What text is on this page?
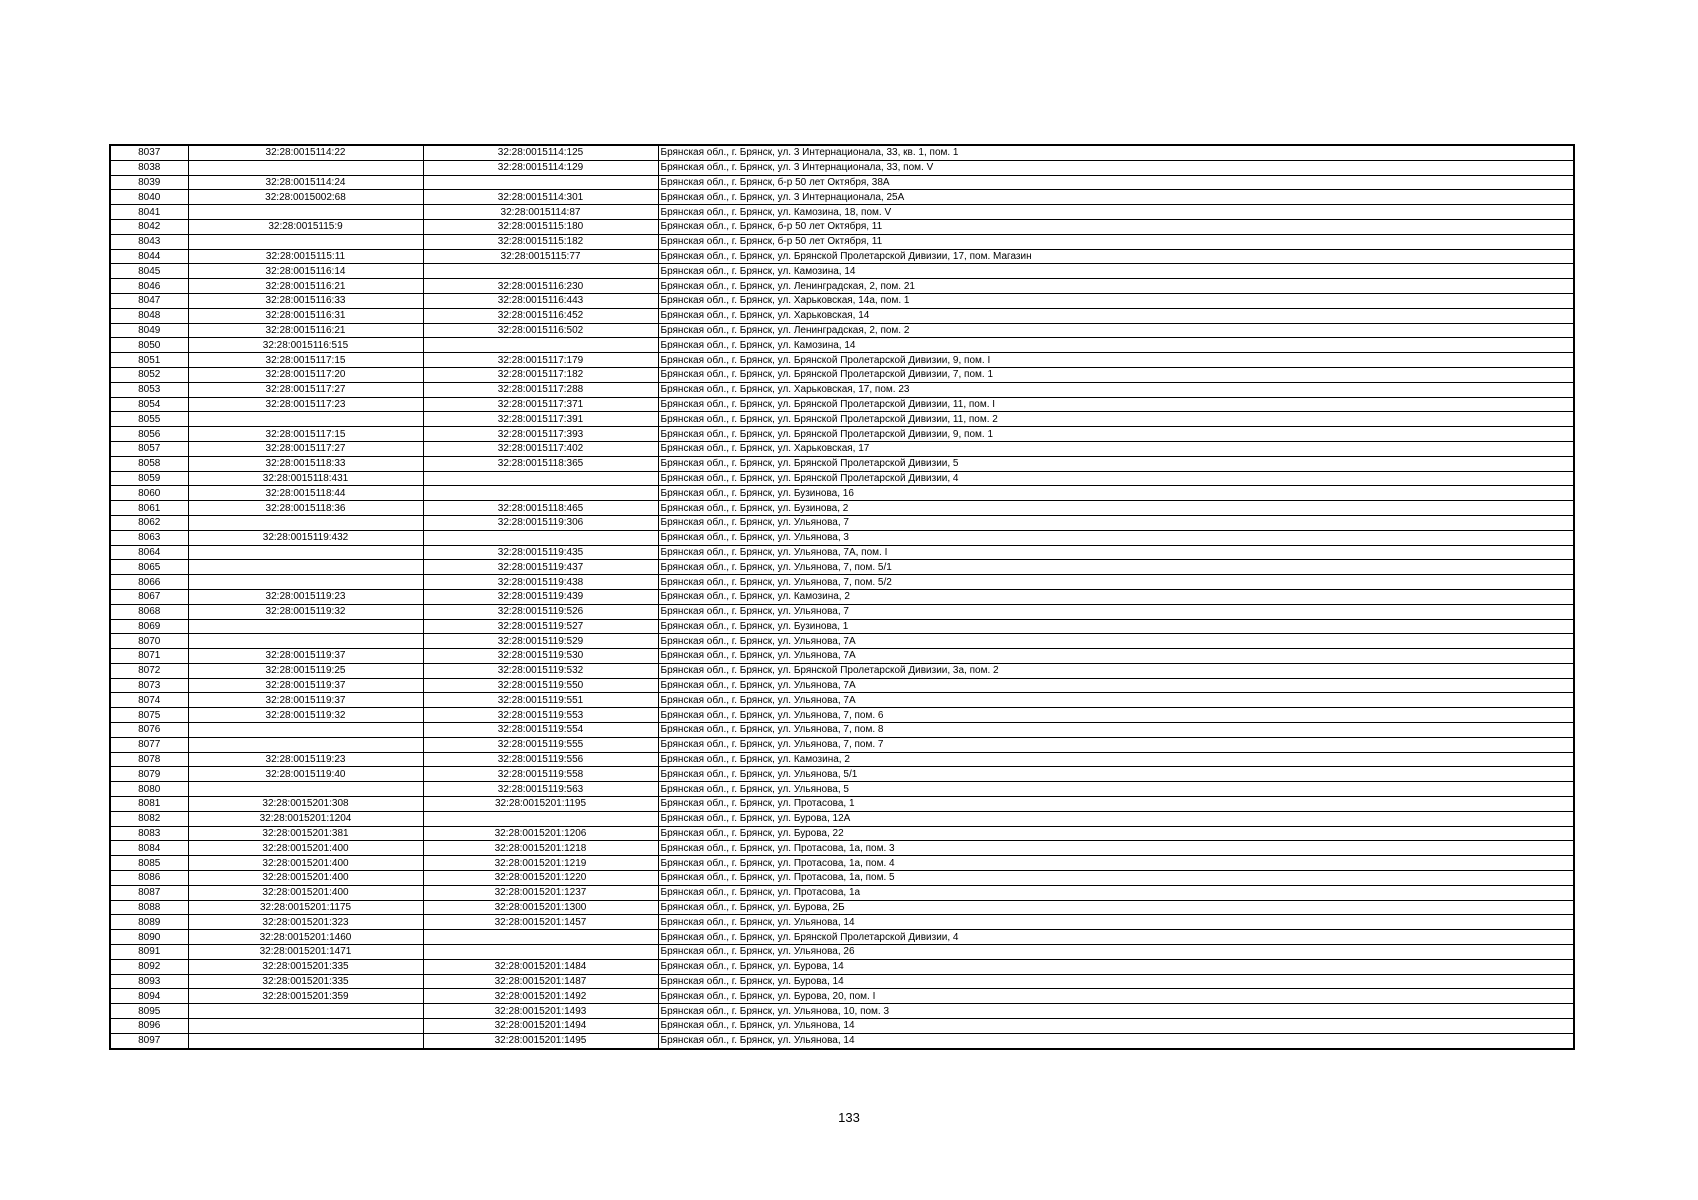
8037	32:28:0015114:22	32:28:0015114:125	Брянская обл., г. Брянск, ул. 3 Интернационала, 33, кв. 1, пом. 1
8038		32:28:0015114:129	Брянская обл., г. Брянск, ул. 3 Интернационала, 33, пом. V
8039	32:28:0015114:24		Брянская обл., г. Брянск, б-р 50 лет Октября, 38А
8040	32:28:0015002:68	32:28:0015114:301	Брянская обл., г. Брянск, ул. 3 Интернационала, 25А
8041		32:28:0015114:87	Брянская обл., г. Брянск, ул. Камозина, 18, пом. V
8042	32:28:0015115:9	32:28:0015115:180	Брянская обл., г. Брянск, б-р 50 лет Октября, 11
8043		32:28:0015115:182	Брянская обл., г. Брянск, б-р 50 лет Октября, 11
8044	32:28:0015115:11	32:28:0015115:77	Брянская обл., г. Брянск, ул. Брянской Пролетарской Дивизии, 17, пом. Магазин
8045	32:28:0015116:14		Брянская обл., г. Брянск, ул. Камозина, 14
8046	32:28:0015116:21	32:28:0015116:230	Брянская обл., г. Брянск, ул. Ленинградская, 2, пом. 21
8047	32:28:0015116:33	32:28:0015116:443	Брянская обл., г. Брянск, ул. Харьковская, 14а, пом. 1
8048	32:28:0015116:31	32:28:0015116:452	Брянская обл., г. Брянск, ул. Харьковская, 14
8049	32:28:0015116:21	32:28:0015116:502	Брянская обл., г. Брянск, ул. Ленинградская, 2, пом. 2
8050	32:28:0015116:515		Брянская обл., г. Брянск, ул. Камозина, 14
8051	32:28:0015117:15	32:28:0015117:179	Брянская обл., г. Брянск, ул. Брянской Пролетарской Дивизии, 9, пом. I
8052	32:28:0015117:20	32:28:0015117:182	Брянская обл., г. Брянск, ул. Брянской Пролетарской Дивизии, 7, пом. 1
8053	32:28:0015117:27	32:28:0015117:288	Брянская обл., г. Брянск, ул. Харьковская, 17, пом. 23
8054	32:28:0015117:23	32:28:0015117:371	Брянская обл., г. Брянск, ул. Брянской Пролетарской Дивизии, 11, пом. I
8055		32:28:0015117:391	Брянская обл., г. Брянск, ул. Брянской Пролетарской Дивизии, 11, пом. 2
8056	32:28:0015117:15	32:28:0015117:393	Брянская обл., г. Брянск, ул. Брянской Пролетарской Дивизии, 9, пом. 1
8057	32:28:0015117:27	32:28:0015117:402	Брянская обл., г. Брянск, ул. Харьковская, 17
8058	32:28:0015118:33	32:28:0015118:365	Брянская обл., г. Брянск, ул. Брянской Пролетарской Дивизии, 5
8059	32:28:0015118:431		Брянская обл., г. Брянск, ул. Брянской Пролетарской Дивизии, 4
8060	32:28:0015118:44		Брянская обл., г. Брянск, ул. Бузинова, 16
8061	32:28:0015118:36	32:28:0015118:465	Брянская обл., г. Брянск, ул. Бузинова, 2
8062		32:28:0015119:306	Брянская обл., г. Брянск, ул. Ульянова, 7
8063	32:28:0015119:432		Брянская обл., г. Брянск, ул. Ульянова, 3
8064		32:28:0015119:435	Брянская обл., г. Брянск, ул. Ульянова, 7А, пом. I
8065		32:28:0015119:437	Брянская обл., г. Брянск, ул. Ульянова, 7, пом. 5/1
8066		32:28:0015119:438	Брянская обл., г. Брянск, ул. Ульянова, 7, пом. 5/2
8067	32:28:0015119:23	32:28:0015119:439	Брянская обл., г. Брянск, ул. Камозина, 2
8068	32:28:0015119:32	32:28:0015119:526	Брянская обл., г. Брянск, ул. Ульянова, 7
8069		32:28:0015119:527	Брянская обл., г. Брянск, ул. Бузинова, 1
8070		32:28:0015119:529	Брянская обл., г. Брянск, ул. Ульянова, 7А
8071	32:28:0015119:37	32:28:0015119:530	Брянская обл., г. Брянск, ул. Ульянова, 7А
8072	32:28:0015119:25	32:28:0015119:532	Брянская обл., г. Брянск, ул. Брянской Пролетарской Дивизии, 3а, пом. 2
8073	32:28:0015119:37	32:28:0015119:550	Брянская обл., г. Брянск, ул. Ульянова, 7А
8074	32:28:0015119:37	32:28:0015119:551	Брянская обл., г. Брянск, ул. Ульянова, 7А
8075	32:28:0015119:32	32:28:0015119:553	Брянская обл., г. Брянск, ул. Ульянова, 7, пом. 6
8076		32:28:0015119:554	Брянская обл., г. Брянск, ул. Ульянова, 7, пом. 8
8077		32:28:0015119:555	Брянская обл., г. Брянск, ул. Ульянова, 7, пом. 7
8078	32:28:0015119:23	32:28:0015119:556	Брянская обл., г. Брянск, ул. Камозина, 2
8079	32:28:0015119:40	32:28:0015119:558	Брянская обл., г. Брянск, ул. Ульянова, 5/1
8080		32:28:0015119:563	Брянская обл., г. Брянск, ул. Ульянова, 5
8081	32:28:0015201:308	32:28:0015201:1195	Брянская обл., г. Брянск, ул. Протасова, 1
8082	32:28:0015201:1204		Брянская обл., г. Брянск, ул. Бурова, 12А
8083	32:28:0015201:381	32:28:0015201:1206	Брянская обл., г. Брянск, ул. Бурова, 22
8084	32:28:0015201:400	32:28:0015201:1218	Брянская обл., г. Брянск, ул. Протасова, 1а, пом. 3
8085	32:28:0015201:400	32:28:0015201:1219	Брянская обл., г. Брянск, ул. Протасова, 1а, пом. 4
8086	32:28:0015201:400	32:28:0015201:1220	Брянская обл., г. Брянск, ул. Протасова, 1а, пом. 5
8087	32:28:0015201:400	32:28:0015201:1237	Брянская обл., г. Брянск, ул. Протасова, 1а
8088	32:28:0015201:1175	32:28:0015201:1300	Брянская обл., г. Брянск, ул. Бурова, 2Б
8089	32:28:0015201:323	32:28:0015201:1457	Брянская обл., г. Брянск, ул. Ульянова, 14
8090	32:28:0015201:1460		Брянская обл., г. Брянск, ул. Брянской Пролетарской Дивизии, 4
8091	32:28:0015201:1471		Брянская обл., г. Брянск, ул. Ульянова, 26
8092	32:28:0015201:335	32:28:0015201:1484	Брянская обл., г. Брянск, ул. Бурова, 14
8093	32:28:0015201:335	32:28:0015201:1487	Брянская обл., г. Брянск, ул. Бурова, 14
8094	32:28:0015201:359	32:28:0015201:1492	Брянская обл., г. Брянск, ул. Бурова, 20, пом. I
8095		32:28:0015201:1493	Брянская обл., г. Брянск, ул. Ульянова, 10, пом. 3
8096		32:28:0015201:1494	Брянская обл., г. Брянск, ул. Ульянова, 14
8097		32:28:0015201:1495	Брянская обл., г. Брянск, ул. Ульянова, 14
133
